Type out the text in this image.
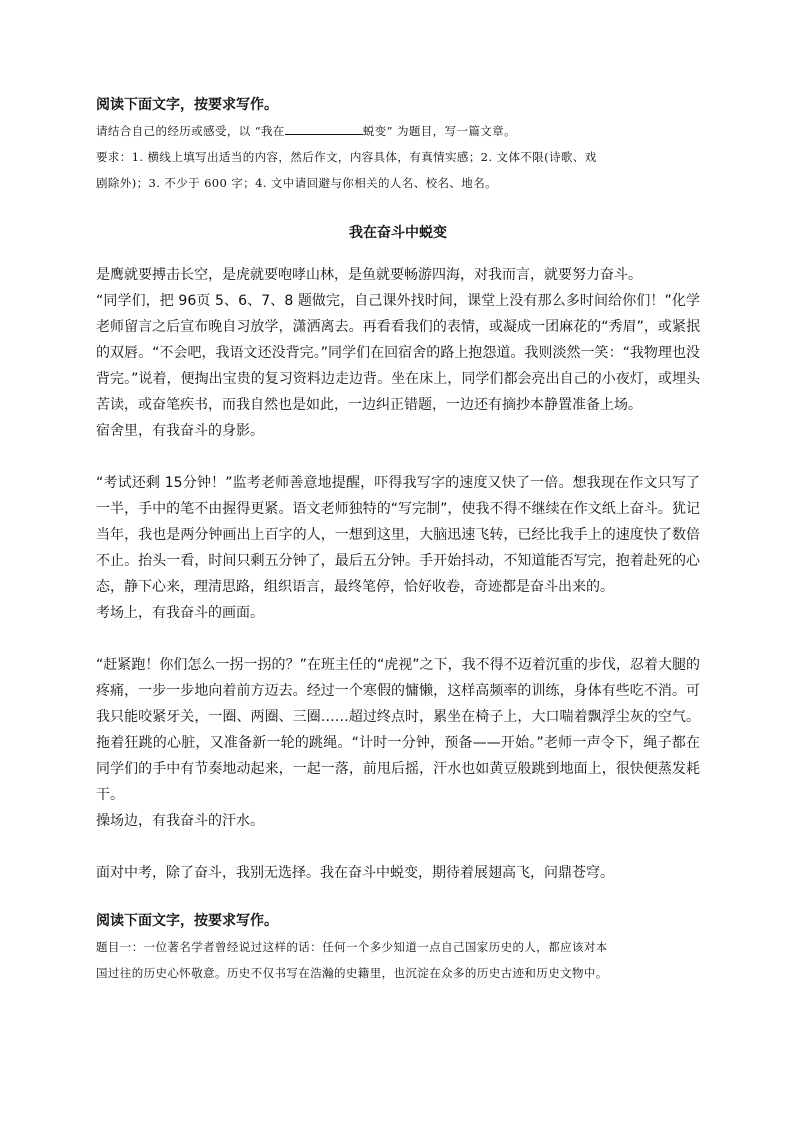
阅读下面文字，按要求写作。

请结合自己的经历或感受，以 “我在	蜕变” 为题目，写一篇文章。

要求：1. 横线上填写出适当的内容，然后作文，内容具体，有真情实感；2. 文体不限(诗歌、戏

剧除外)；3. 不少于 600 字；4. 文中请回避与你相关的人名、校名、地名。

我在奋斗中蜕变

是鹰就要搏击长空，是虎就要咆哮山林，是鱼就要畅游四海，对我而言，就要努力奋斗。

“同学们，把 96页 5、6、7、8 题做完，自己课外找时间，课堂上没有那么多时间给你们！”化学老师留言之后宣布晚自习放学，潇洒离去。再看看我们的表情，或凝成一团麻花的“秀眉”，或紧抿的双唇。“不会吧，我语文还没背完。”同学们在回宿舍的路上抱怨道。我则淡然一笑：“我物理也没背完。”说着，便掏出宝贵的复习资料边走边背。坐在床上，同学们都会亮出自己的小夜灯，或埋头苦读，或奋笔疾书，而我自然也是如此，一边纠正错题，一边还有摘抄本静置准备上场。

宿舍里，有我奋斗的身影。

“考试还剩 15分钟！”监考老师善意地提醒，吓得我写字的速度又快了一倍。想我现在作文只写了一半，手中的笔不由握得更紧。语文老师独特的“写完制”，使我不得不继续在作文纸上奋斗。犹记当年，我也是两分钟画出上百字的人，一想到这里，大脑迅速飞转，已经比我手上的速度快了数倍不止。抬头一看，时间只剩五分钟了，最后五分钟。手开始抖动，不知道能否写完，抱着赴死的心态，静下心来，理清思路，组织语言，最终笔停，恰好收卷，奇迹都是奋斗出来的。

考场上，有我奋斗的画面。

“赶紧跑！你们怎么一拐一拐的？”在班主任的“虎视”之下，我不得不迈着沉重的步伐，忍着大腿的疼痛，一步一步地向着前方迈去。经过一个寒假的慵懒，这样高频率的训练，身体有些吃不消。可我只能咬紧牙关，一圈、两圈、三圈……超过终点时，累坐在椅子上，大口喘着飘浮尘灰的空气。拖着狂跳的心脏，又准备新一轮的跳绳。“计时一分钟，预备——开始。”老师一声令下，绳子都在同学们的手中有节奏地动起来，一起一落，前甩后摇，汗水也如黄豆般跳到地面上，很快便蒸发耗干。

操场边，有我奋斗的汗水。

面对中考，除了奋斗，我别无选择。我在奋斗中蜕变，期待着展翅高飞，问鼎苍穹。

阅读下面文字，按要求写作。

题目一：一位著名学者曾经说过这样的话：任何一个多少知道一点自己国家历史的人，都应该对本

国过往的历史心怀敬意。历史不仅书写在浩瀚的史籍里，也沉淀在众多的历史古迹和历史文物中。
